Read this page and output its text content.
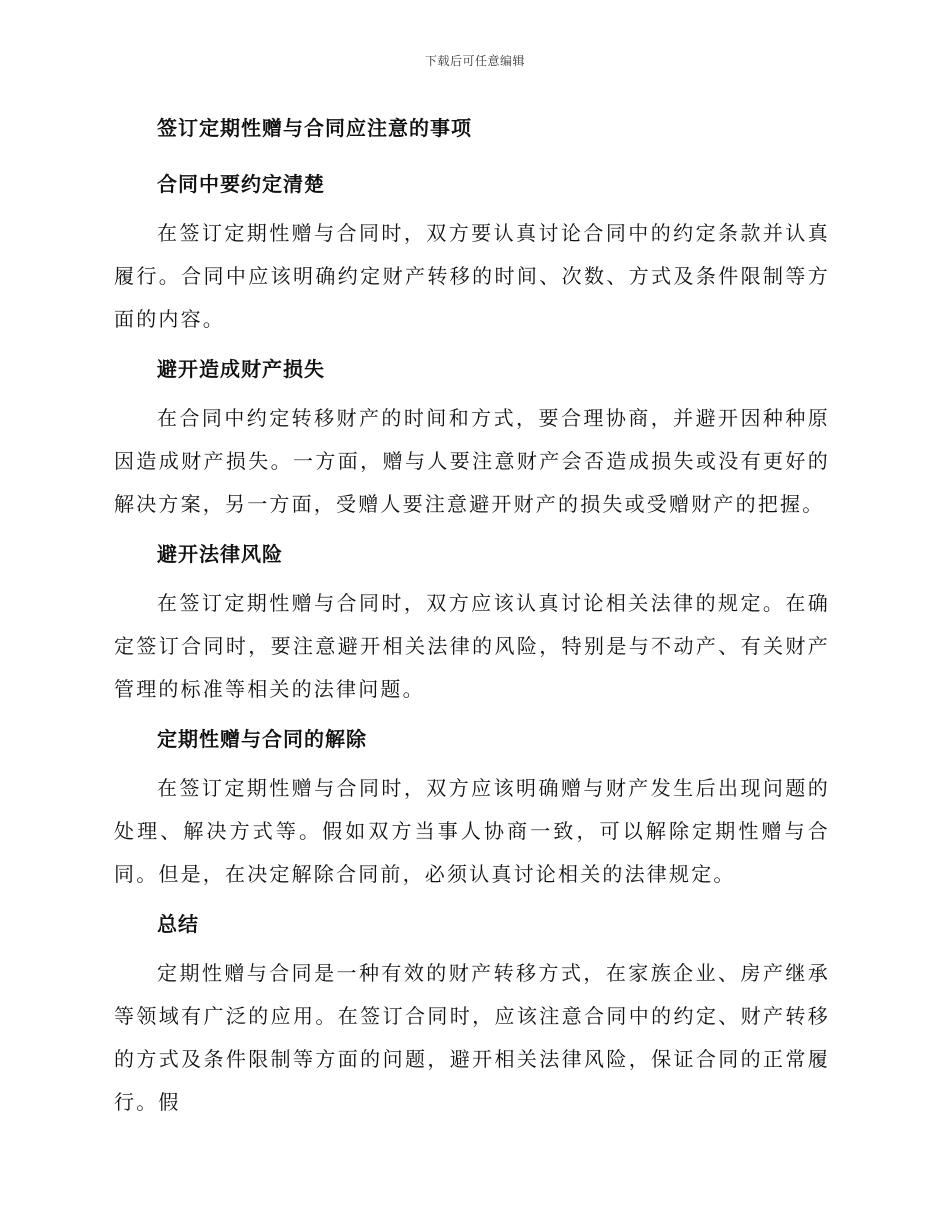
下载后可任意编辑
签订定期性赠与合同应注意的事项
合同中要约定清楚

在签订定期性赠与合同时，双方要认真讨论合同中的约定条款并认真履行。合同中应该明确约定财产转移的时间、次数、方式及条件限制等方面的内容。

避开造成财产损失

在合同中约定转移财产的时间和方式，要合理协商，并避开因种种原因造成财产损失。一方面，赠与人要注意财产会否造成损失或没有更好的解决方案，另一方面，受赠人要注意避开财产的损失或受赠财产的把握。

避开法律风险

在签订定期性赠与合同时，双方应该认真讨论相关法律的规定。在确定签订合同时，要注意避开相关法律的风险，特别是与不动产、有关财产管理的标准等相关的法律问题。

定期性赠与合同的解除

在签订定期性赠与合同时，双方应该明确赠与财产发生后出现问题的处理、解决方式等。假如双方当事人协商一致，可以解除定期性赠与合同。但是，在决定解除合同前，必须认真讨论相关的法律规定。

总结

定期性赠与合同是一种有效的财产转移方式，在家族企业、房产继承等领域有广泛的应用。在签订合同时，应该注意合同中的约定、财产转移的方式及条件限制等方面的问题，避开相关法律风险，保证合同的正常履行。假
